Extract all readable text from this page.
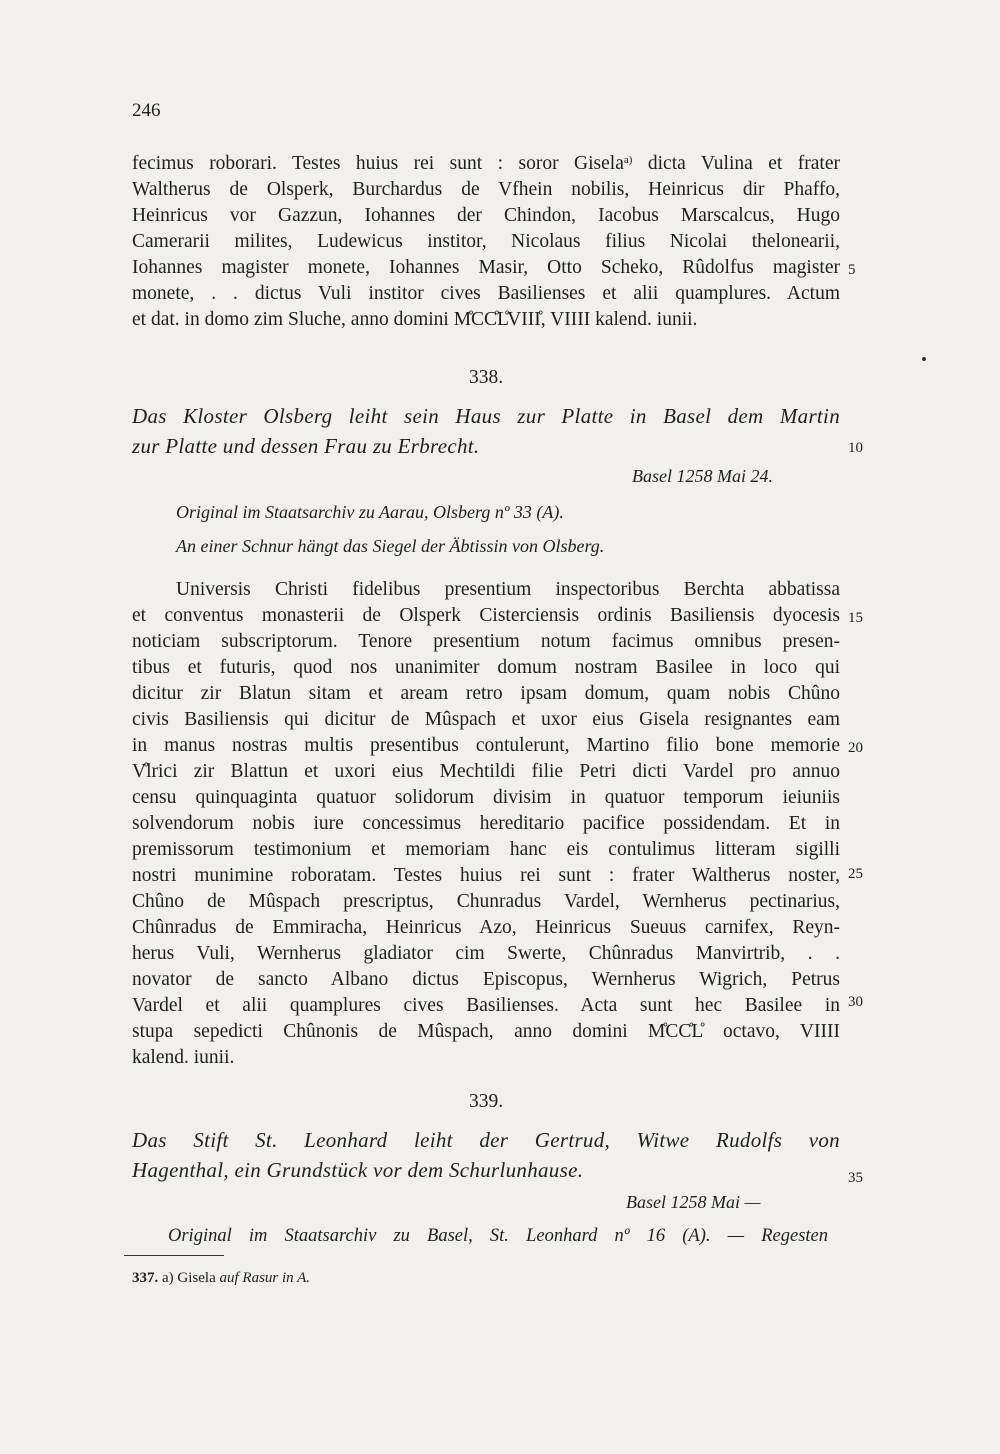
246
fecimus roborari. Testes huius rei sunt : soror Gisela$^{a)}$ dicta Vulina et frater
Waltherus de Olsperk, Burchardus de Vfhein nobilis, Heinricus dir Phaffo,
Heinricus vor Gazzun, Iohannes der Chindon, Iacobus Marscalcus, Hugo
Camerarii milites, Ludewicus institor, Nicolaus filius Nicolai thelonearii,
Iohannes magister monete, Iohannes Masir, Otto Scheko, Rûdolfus magister
monete, . . dictus Vuli institor cives Basilienses et alii quamplures. Actum
et dat. in domo zim Sluche, anno domini M̊CC̊L̊VIII̊, VIIII kalend. iunii.
338.
Das Kloster Olsberg leiht sein Haus zur Platte in Basel dem Martin
zur Platte und dessen Frau zu Erbrecht.
Basel 1258 Mai 24.
Original im Staatsarchiv zu Aarau, Olsberg nº 33 (A).
An einer Schnur hängt das Siegel der Äbtissin von Olsberg.
Universis Christi fidelibus presentium inspectoribus Berchta abbatissa
et conventus monasterii de Olsperk Cisterciensis ordinis Basiliensis dyocesis
noticiam subscriptorum. Tenore presentium notum facimus omnibus presen-
tibus et futuris, quod nos unanimiter domum nostram Basilee in loco qui
dicitur zir Blatun sitam et aream retro ipsam domum, quam nobis Chûno
civis Basiliensis qui dicitur de Mûspach et uxor eius Gisela resignantes eam
in manus nostras multis presentibus contulerunt, Martino filio bone memorie
V̊lrici zir Blattun et uxori eius Mechtildi filie Petri dicti Vardel pro annuo
censu quinquaginta quatuor solidorum divisim in quatuor temporum ieiuniis
solvendorum nobis iure concessimus hereditario pacifice possidendam. Et in
premissorum testimonium et memoriam hanc eis contulimus litteram sigilli
nostri munimine roboratam. Testes huius rei sunt : frater Waltherus noster,
Chûno de Mûspach prescriptus, Chunradus Vardel, Wernherus pectinarius,
Chûnradus de Emmiracha, Heinricus Azo, Heinricus Sueuus carnifex, Reyn-
herus Vuli, Wernherus gladiator cim Swerte, Chûnradus Manvirtrib, . .
novator de sancto Albano dictus Episcopus, Wernherus Wigrich, Petrus
Vardel et alii quamplures cives Basilienses. Acta sunt hec Basilee in
stupa sepedicti Chûnonis de Mûspach, anno domini M̊CC̊L̊ octavo, VIIII
kalend. iunii.
339.
Das Stift St. Leonhard leiht der Gertrud, Witwe Rudolfs von
Hagenthal, ein Grundstück vor dem Schurlunhause.
Basel 1258 Mai —
Original im Staatsarchiv zu Basel, St. Leonhard nº 16 (A). — Regesten
5
10
15
20
25
30
35
337. a) Gisela auf Rasur in A.
